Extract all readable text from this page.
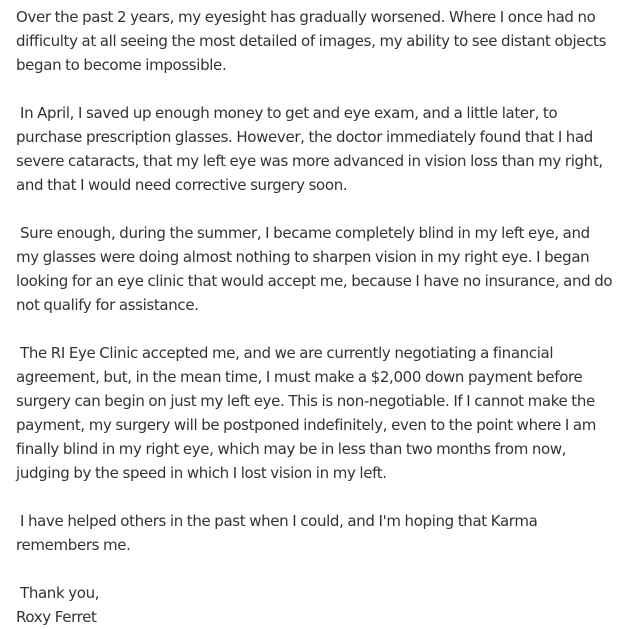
Over the past 2 years, my eyesight has gradually worsened. Where I once had no difficulty at all seeing the most detailed of images, my ability to see distant objects began to become impossible.

In April, I saved up enough money to get and eye exam, and a little later, to purchase prescription glasses. However, the doctor immediately found that I had severe cataracts, that my left eye was more advanced in vision loss than my right, and that I would need corrective surgery soon.

Sure enough, during the summer, I became completely blind in my left eye, and my glasses were doing almost nothing to sharpen vision in my right eye. I began looking for an eye clinic that would accept me, because I have no insurance, and do not qualify for assistance.

The RI Eye Clinic accepted me, and we are currently negotiating a financial agreement, but, in the mean time, I must make a $2,000 down payment before surgery can begin on just my left eye. This is non-negotiable. If I cannot make the payment, my surgery will be postponed indefinitely, even to the point where I am finally blind in my right eye, which may be in less than two months from now, judging by the speed in which I lost vision in my left.

I have helped others in the past when I could, and I'm hoping that Karma remembers me.

Thank you,
Roxy Ferret
